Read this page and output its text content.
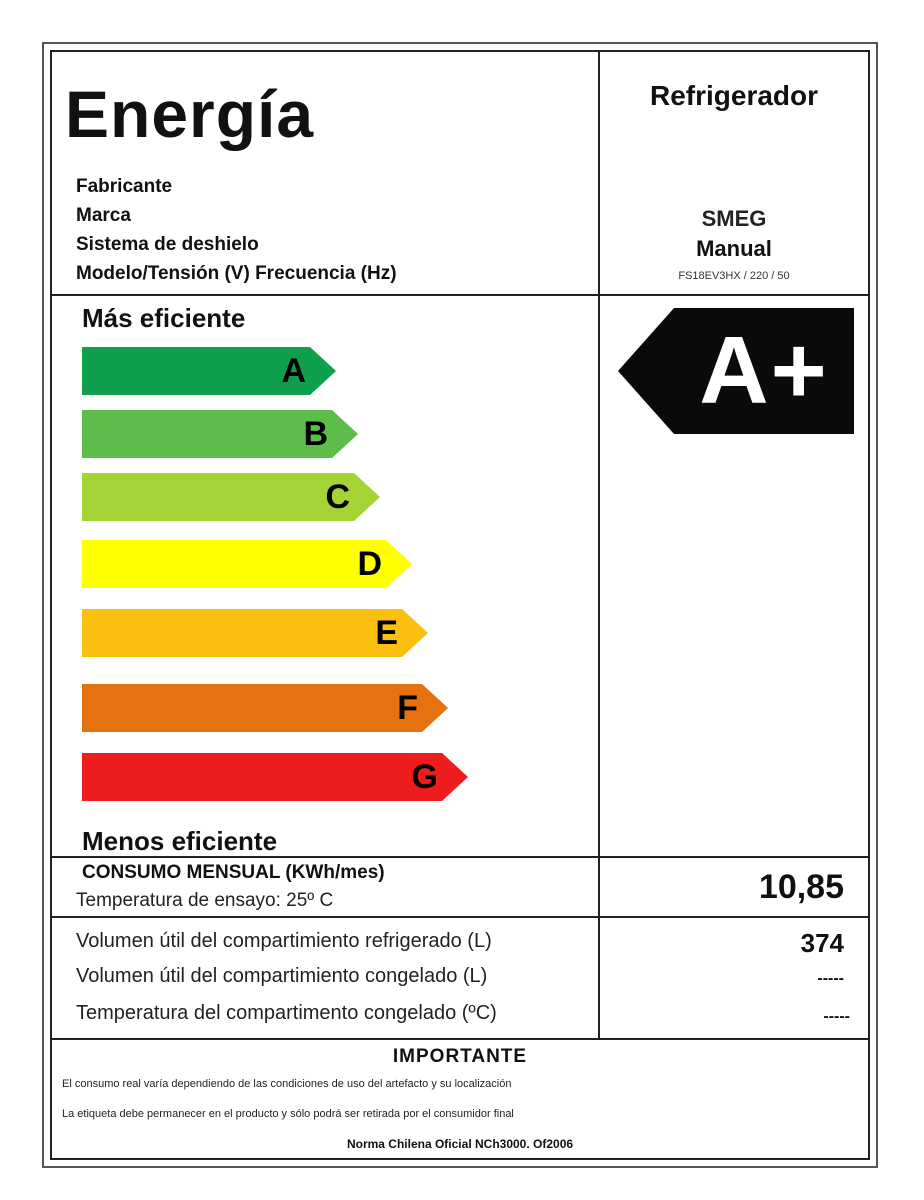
Energía
Fabricante
Marca
Sistema de deshielo
Modelo/Tensión (V) Frecuencia (Hz)
Refrigerador
SMEG
Manual
FS18EV3HX / 220 / 50
Más eficiente
A
B
C
D
E
F
G
Menos eficiente
A+
CONSUMO MENSUAL (KWh/mes)
Temperatura de ensayo: 25º C	10,85
Volumen útil del compartimiento refrigerado (L)
Volumen útil del compartimiento congelado (L)
Temperatura del compartimento congelado (ºC)
374
-----
-----
IMPORTANTE
El consumo real varía dependiendo de las condiciones de uso del artefacto y su localización
La etiqueta debe permanecer en el producto y sólo podrá ser retirada por el consumidor final
Norma Chilena Oficial NCh3000. Of2006
